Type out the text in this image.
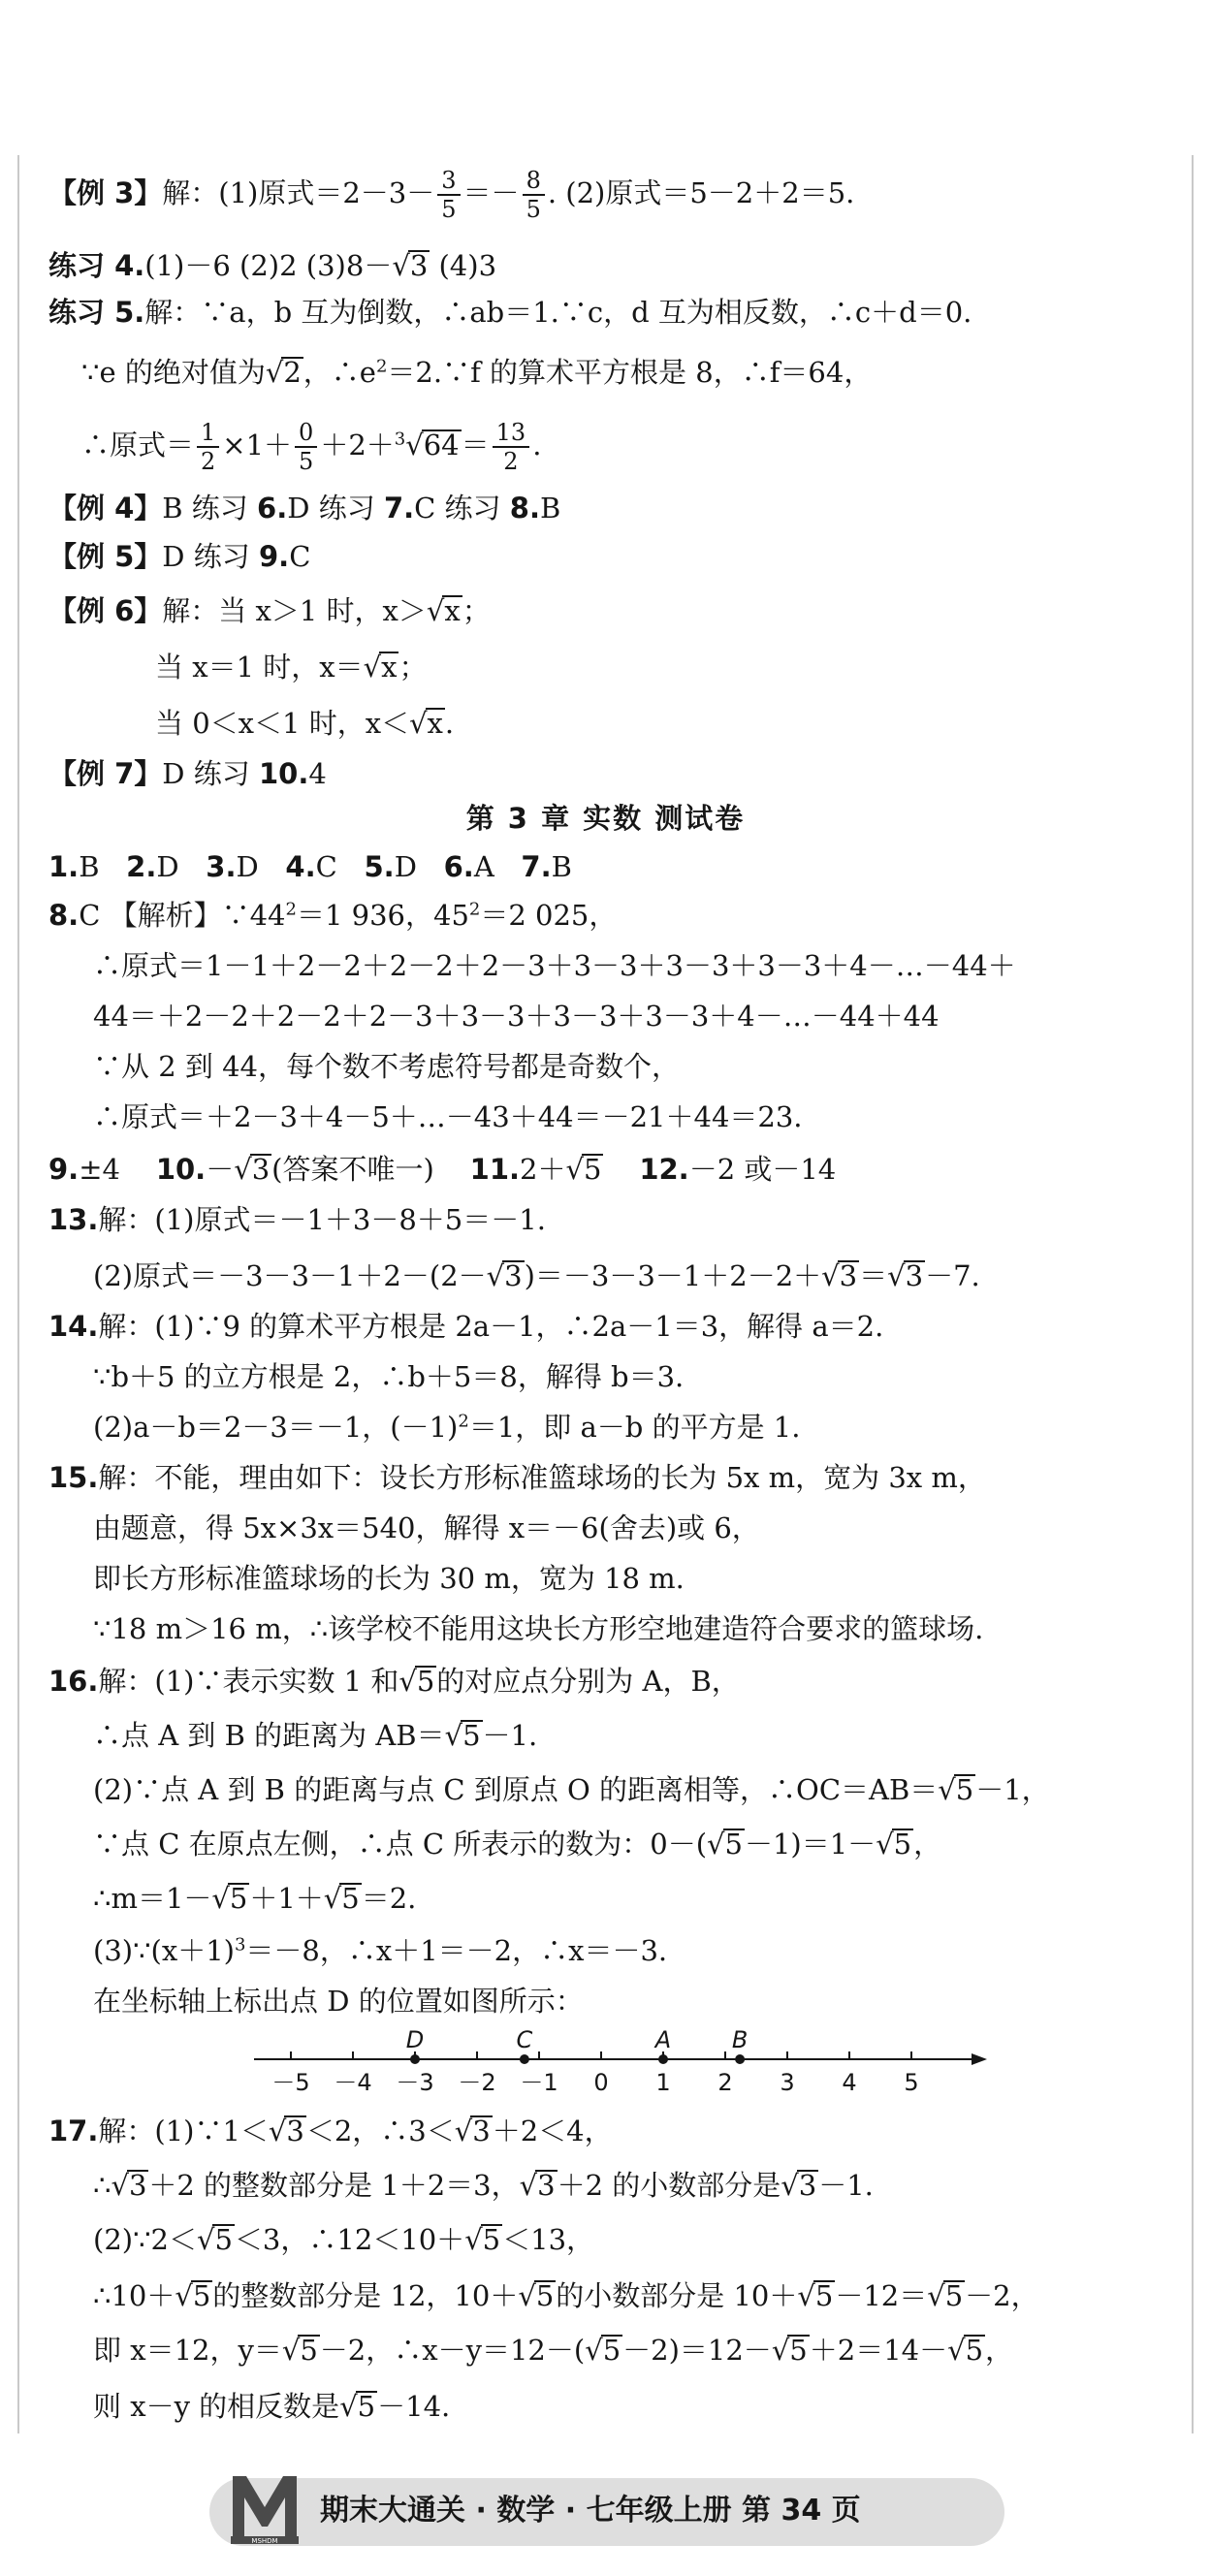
【例 3】解：(1)原式$=2-3- \frac{3}{5} =- \frac{8}{5}$ . (2)原式＝5－2＋2＝5.
练习 4.(1)－6 (2)2 (3)8－√3 (4)3
练习 5.解：∵a，b 互为倒数，∴ab＝1.∵c，d 互为相反数，∴c＋d＝0.
∵e 的绝对值为√2，$\therefore e^2=2.\because f$ 的算术平方根是 8，∴f＝64，
∴原式＝ $\frac{1}{2} \times 1+ \frac{0}{5} +2+^3√64= \frac{13}{2}$ .
【例 4】B 练习 6.D 练习 7.C 练习 8.B
【例 5】D 练习 9.C
【例 6】解：当 x＞1 时，x＞√x；
当 x＝1 时，x＝√x；
当 0＜x＜1 时，x＜√x.
【例 7】D 练习 10.4
第 3 章 实数 测试卷
1.B 2.D 3.D 4.C 5.D 6.A 7.B
8.C 【解析】$\because 44^2=1$ 936，$45^2=2$ 025，
∴原式＝1－1＋2－2＋2－2＋2－3＋3－3＋3－3＋3－3＋4－…－44＋
44＝＋2－2＋2－2＋2－3＋3－3＋3－3＋3－3＋4－…－44＋44
∵从 2 到 44，每个数不考虑符号都是奇数个，
∴原式＝＋2－3＋4－5＋…－43＋44＝－21＋44＝23.
9.±4 10.－√3(答案不唯一) 11.2＋√5 12.－2 或－14
13.解：(1)原式＝－1＋3－8＋5＝－1.
(2)原式＝－3－3－1＋2－(2－√3)＝－3－3－1＋2－2＋√3＝√3－7.
14.解：(1)∵9 的算术平方根是 2a－1，∴2a－1＝3，解得 a＝2.
∵b＋5 的立方根是 2，∴b＋5＝8，解得 b＝3.
(2)a－b＝2－3＝－1，$(-1)^2=1$，即 a－b 的平方是 1.
15.解：不能，理由如下：设长方形标准篮球场的长为 5x m，宽为 3x m，
由题意，得 5x×3x＝540，解得 x＝－6(舍去)或 6，
即长方形标准篮球场的长为 30 m，宽为 18 m.
∵18 m＞16 m，∴该学校不能用这块长方形空地建造符合要求的篮球场.
16.解：(1)∵表示实数 1 和√5的对应点分别为 A，B，
∴点 A 到 B 的距离为 AB＝√5－1.
(2)∵点 A 到 B 的距离与点 C 到原点 O 的距离相等，∴OC＝AB＝√5－1，
∵点 C 在原点左侧，∴点 C 所表示的数为：0－(√5－1)＝1－√5，
∴m＝1－√5＋1＋√5＝2.
$(3)\because(x+1)^3=-8$，∴x＋1＝－2，∴x＝－3.
在坐标轴上标出点 D 的位置如图所示：
－5 －4 －3 －2 －1 0 1 2 3 4 5
D	C	A	B
17.解：(1)∵1＜√3＜2，∴3＜√3＋2＜4，
∴√3＋2 的整数部分是 1＋2＝3，√3＋2 的小数部分是√3－1.
(2)∵2＜√5＜3，∴12＜10＋√5＜13，
∴10＋√5的整数部分是 12，10＋√5的小数部分是 10＋√5－12＝√5－2，
即 x＝12，y＝√5－2，∴x－y＝12－(√5－2)＝12－√5＋2＝14－√5，
则 x－y 的相反数是√5－14.
MSHDM
期末大通关 · 数学 · 七年级上册 第 34 页
